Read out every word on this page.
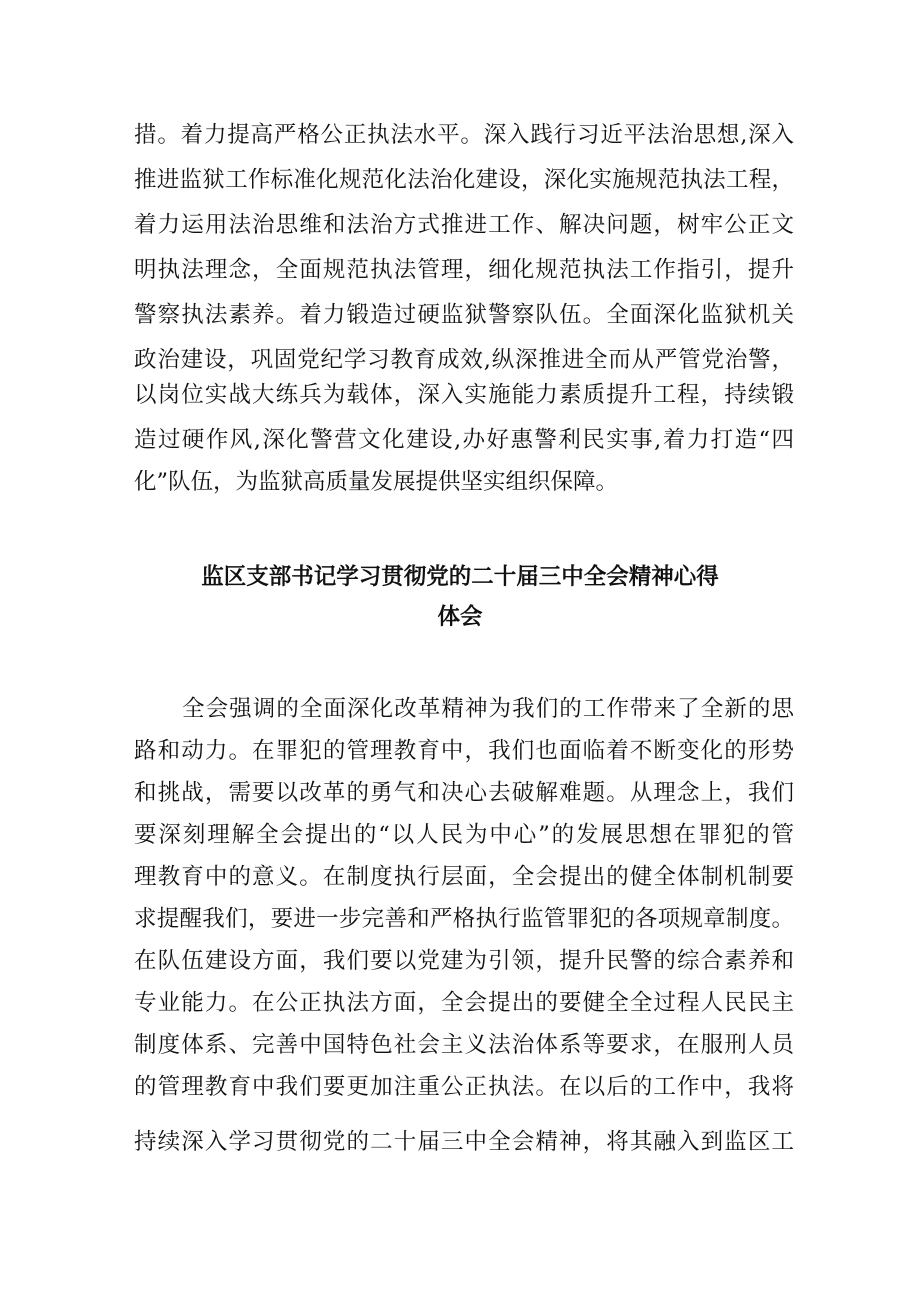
措。着力提高严格公正执法水平。深入践行习近平法治思想,深入
推进监狱工作标准化规范化法治化建设，深化实施规范执法工程，
着力运用法治思维和法治方式推进工作、解决问题，树牢公正文
明执法理念，全面规范执法管理，细化规范执法工作指引，提升
警察执法素养。着力锻造过硬监狱警察队伍。全面深化监狱机关
政治建设，巩固党纪学习教育成效,纵深推进全而从严管党治警，
以岗位实战大练兵为载体，深入实施能力素质提升工程，持续锻
造过硬作风,深化警营文化建设,办好惠警利民实事,着力打造“四
化”队伍，为监狱高质量发展提供坚实组织保障。
监区支部书记学习贯彻党的二十届三中全会精神心得
体会
全会强调的全面深化改革精神为我们的工作带来了全新的思
路和动力。在罪犯的管理教育中，我们也面临着不断变化的形势
和挑战，需要以改革的勇气和决心去破解难题。从理念上，我们
要深刻理解全会提出的“以人民为中心”的发展思想在罪犯的管
理教育中的意义。在制度执行层面，全会提出的健全体制机制要
求提醒我们，要进一步完善和严格执行监管罪犯的各项规章制度。
在队伍建设方面，我们要以党建为引领，提升民警的综合素养和
专业能力。在公正执法方面，全会提出的要健全全过程人民民主
制度体系、完善中国特色社会主义法治体系等要求，在服刑人员
的管理教育中我们要更加注重公正执法。在以后的工作中，我将
持续深入学习贯彻党的二十届三中全会精神，将其融入到监区工
